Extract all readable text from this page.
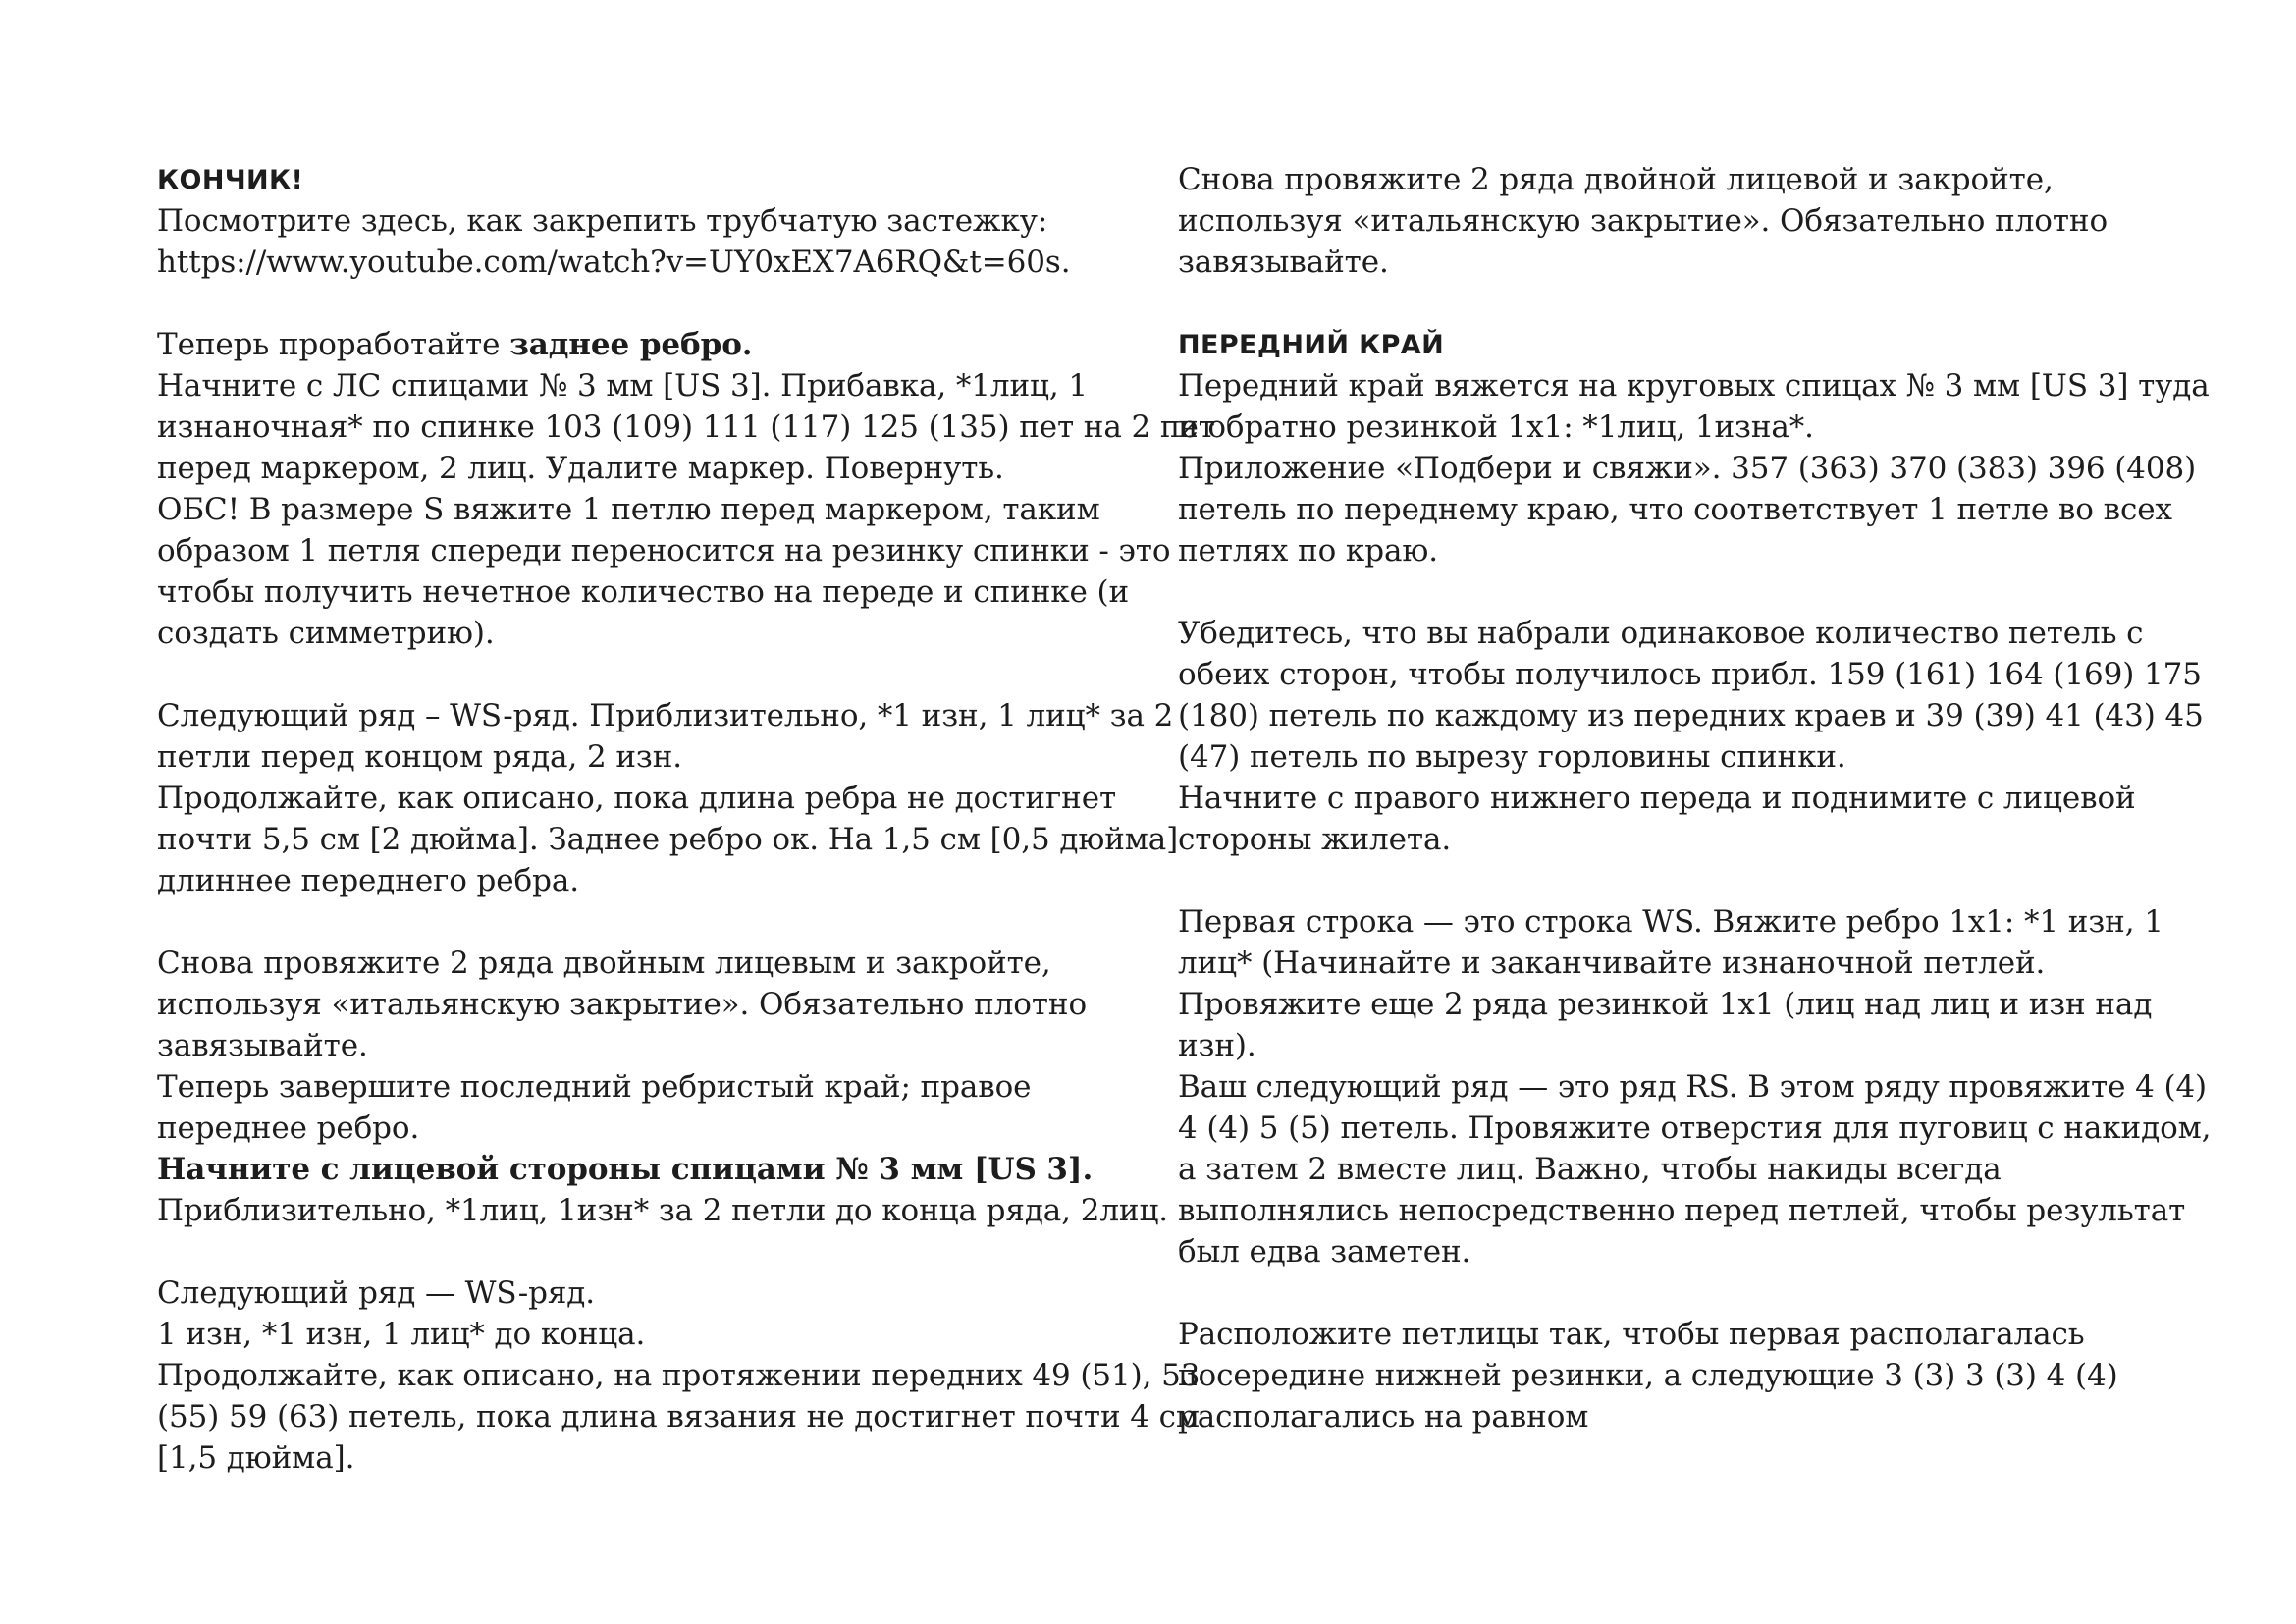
КОНЧИК!
Посмотрите здесь, как закрепить трубчатую застежку:
https://www.youtube.com/watch?v=UY0xEX7A6RQ&t=60s.
Теперь проработайте заднее ребро.
Начните с ЛС спицами № 3 мм [US 3]. Прибавка, *1лиц, 1
изнаночная* по спинке 103 (109) 111 (117) 125 (135) пет на 2 пет
перед маркером, 2 лиц. Удалите маркер. Повернуть.
ОБС! В размере S вяжите 1 петлю перед маркером, таким
образом 1 петля спереди переносится на резинку спинки - это
чтобы получить нечетное количество на переде и спинке (и
создать симметрию).
Следующий ряд – WS-ряд. Приблизительно, *1 изн, 1 лиц* за 2
петли перед концом ряда, 2 изн.
Продолжайте, как описано, пока длина ребра не достигнет
почти 5,5 см [2 дюйма]. Заднее ребро ок. На 1,5 см [0,5 дюйма]
длиннее переднего ребра.
Снова провяжите 2 ряда двойным лицевым и закройте,
используя «итальянскую закрытие». Обязательно плотно
завязывайте.
Теперь завершите последний ребристый край; правое
переднее ребро.
Начните с лицевой стороны спицами № 3 мм [US 3].
Приблизительно, *1лиц, 1изн* за 2 петли до конца ряда, 2лиц.
Следующий ряд — WS-ряд.
1 изн, *1 изн, 1 лиц* до конца.
Продолжайте, как описано, на протяжении передних 49 (51), 53
(55) 59 (63) петель, пока длина вязания не достигнет почти 4 см
[1,5 дюйма].
Снова провяжите 2 ряда двойной лицевой и закройте,
используя «итальянскую закрытие». Обязательно плотно
завязывайте.
ПЕРЕДНИЙ КРАЙ
Передний край вяжется на круговых спицах № 3 мм [US 3] туда
и обратно резинкой 1x1: *1лиц, 1изна*.
Приложение «Подбери и свяжи». 357 (363) 370 (383) 396 (408)
петель по переднему краю, что соответствует 1 петле во всех
петлях по краю.
Убедитесь, что вы набрали одинаковое количество петель с
обеих сторон, чтобы получилось прибл. 159 (161) 164 (169) 175
(180) петель по каждому из передних краев и 39 (39) 41 (43) 45
(47) петель по вырезу горловины спинки.
Начните с правого нижнего переда и поднимите с лицевой
стороны жилета.
Первая строка — это строка WS. Вяжите ребро 1x1: *1 изн, 1
лиц* (Начинайте и заканчивайте изнаночной петлей.
Провяжите еще 2 ряда резинкой 1x1 (лиц над лиц и изн над
изн).
Ваш следующий ряд — это ряд RS. В этом ряду провяжите 4 (4)
4 (4) 5 (5) петель. Провяжите отверстия для пуговиц с накидом,
а затем 2 вместе лиц. Важно, чтобы накиды всегда
выполнялись непосредственно перед петлей, чтобы результат
был едва заметен.
Расположите петлицы так, чтобы первая располагалась
посередине нижней резинки, а следующие 3 (3) 3 (3) 4 (4)
располагались на равном
